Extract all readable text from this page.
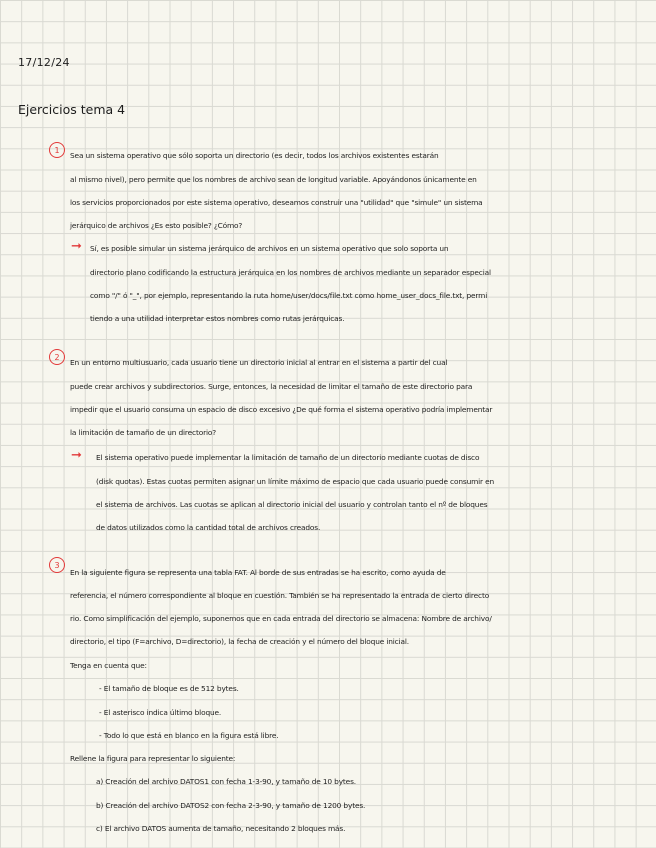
17/12/24
Ejercicios tema 4
1
Sea un sistema operativo que sólo soporta un directorio (es decir, todos los archivos existentes estarán
al mismo nivel), pero permite que los nombres de archivo sean de longitud variable. Apoyándonos únicamente en
los servicios proporcionados por este sistema operativo, deseamos construir una "utilidad" que "simule" un sistema
jerárquico de archivos ¿Es esto posible? ¿Cómo?
➞ Sí, es posible simular un sistema jerárquico de archivos en un sistema operativo que solo soporta un
directorio plano codificando la estructura jerárquica en los nombres de archivos mediante un separador especial
como "/" ó "_", por ejemplo, representando la ruta home/user/docs/file.txt como home_user_docs_file.txt, permi
tiendo a una utilidad interpretar estos nombres como rutas jerárquicas.
2
En un entorno multiusuario, cada usuario tiene un directorio inicial al entrar en el sistema a partir del cual
puede crear archivos y subdirectorios. Surge, entonces, la necesidad de limitar el tamaño de este directorio para
impedir que el usuario consuma un espacio de disco excesivo ¿De qué forma el sistema operativo podría implementar
la limitación de tamaño de un directorio?
➞ El sistema operativo puede implementar la limitación de tamaño de un directorio mediante cuotas de disco
(disk quotas). Estas cuotas permiten asignar un límite máximo de espacio que cada usuario puede consumir en
el sistema de archivos. Las cuotas se aplican al directorio inicial del usuario y controlan tanto el nº de bloques
de datos utilizados como la cantidad total de archivos creados.
3
En la siguiente figura se representa una tabla FAT. Al borde de sus entradas se ha escrito, como ayuda de
referencia, el número correspondiente al bloque en cuestión. También se ha representado la entrada de cierto directo
rio. Como simplificación del ejemplo, suponemos que en cada entrada del directorio se almacena: Nombre de archivo/
directorio, el tipo (F=archivo, D=directorio), la fecha de creación y el número del bloque inicial.
Tenga en cuenta que:
- El tamaño de bloque es de 512 bytes.
- El asterisco indica último bloque.
- Todo lo que está en blanco en la figura está libre.
Rellene la figura para representar lo siguiente:
a) Creación del archivo DATOS1 con fecha 1-3-90, y tamaño de 10 bytes.
b) Creación del archivo DATOS2 con fecha 2-3-90, y tamaño de 1200 bytes.
c) El archivo DATOS aumenta de tamaño, necesitando 2 bloques más.
